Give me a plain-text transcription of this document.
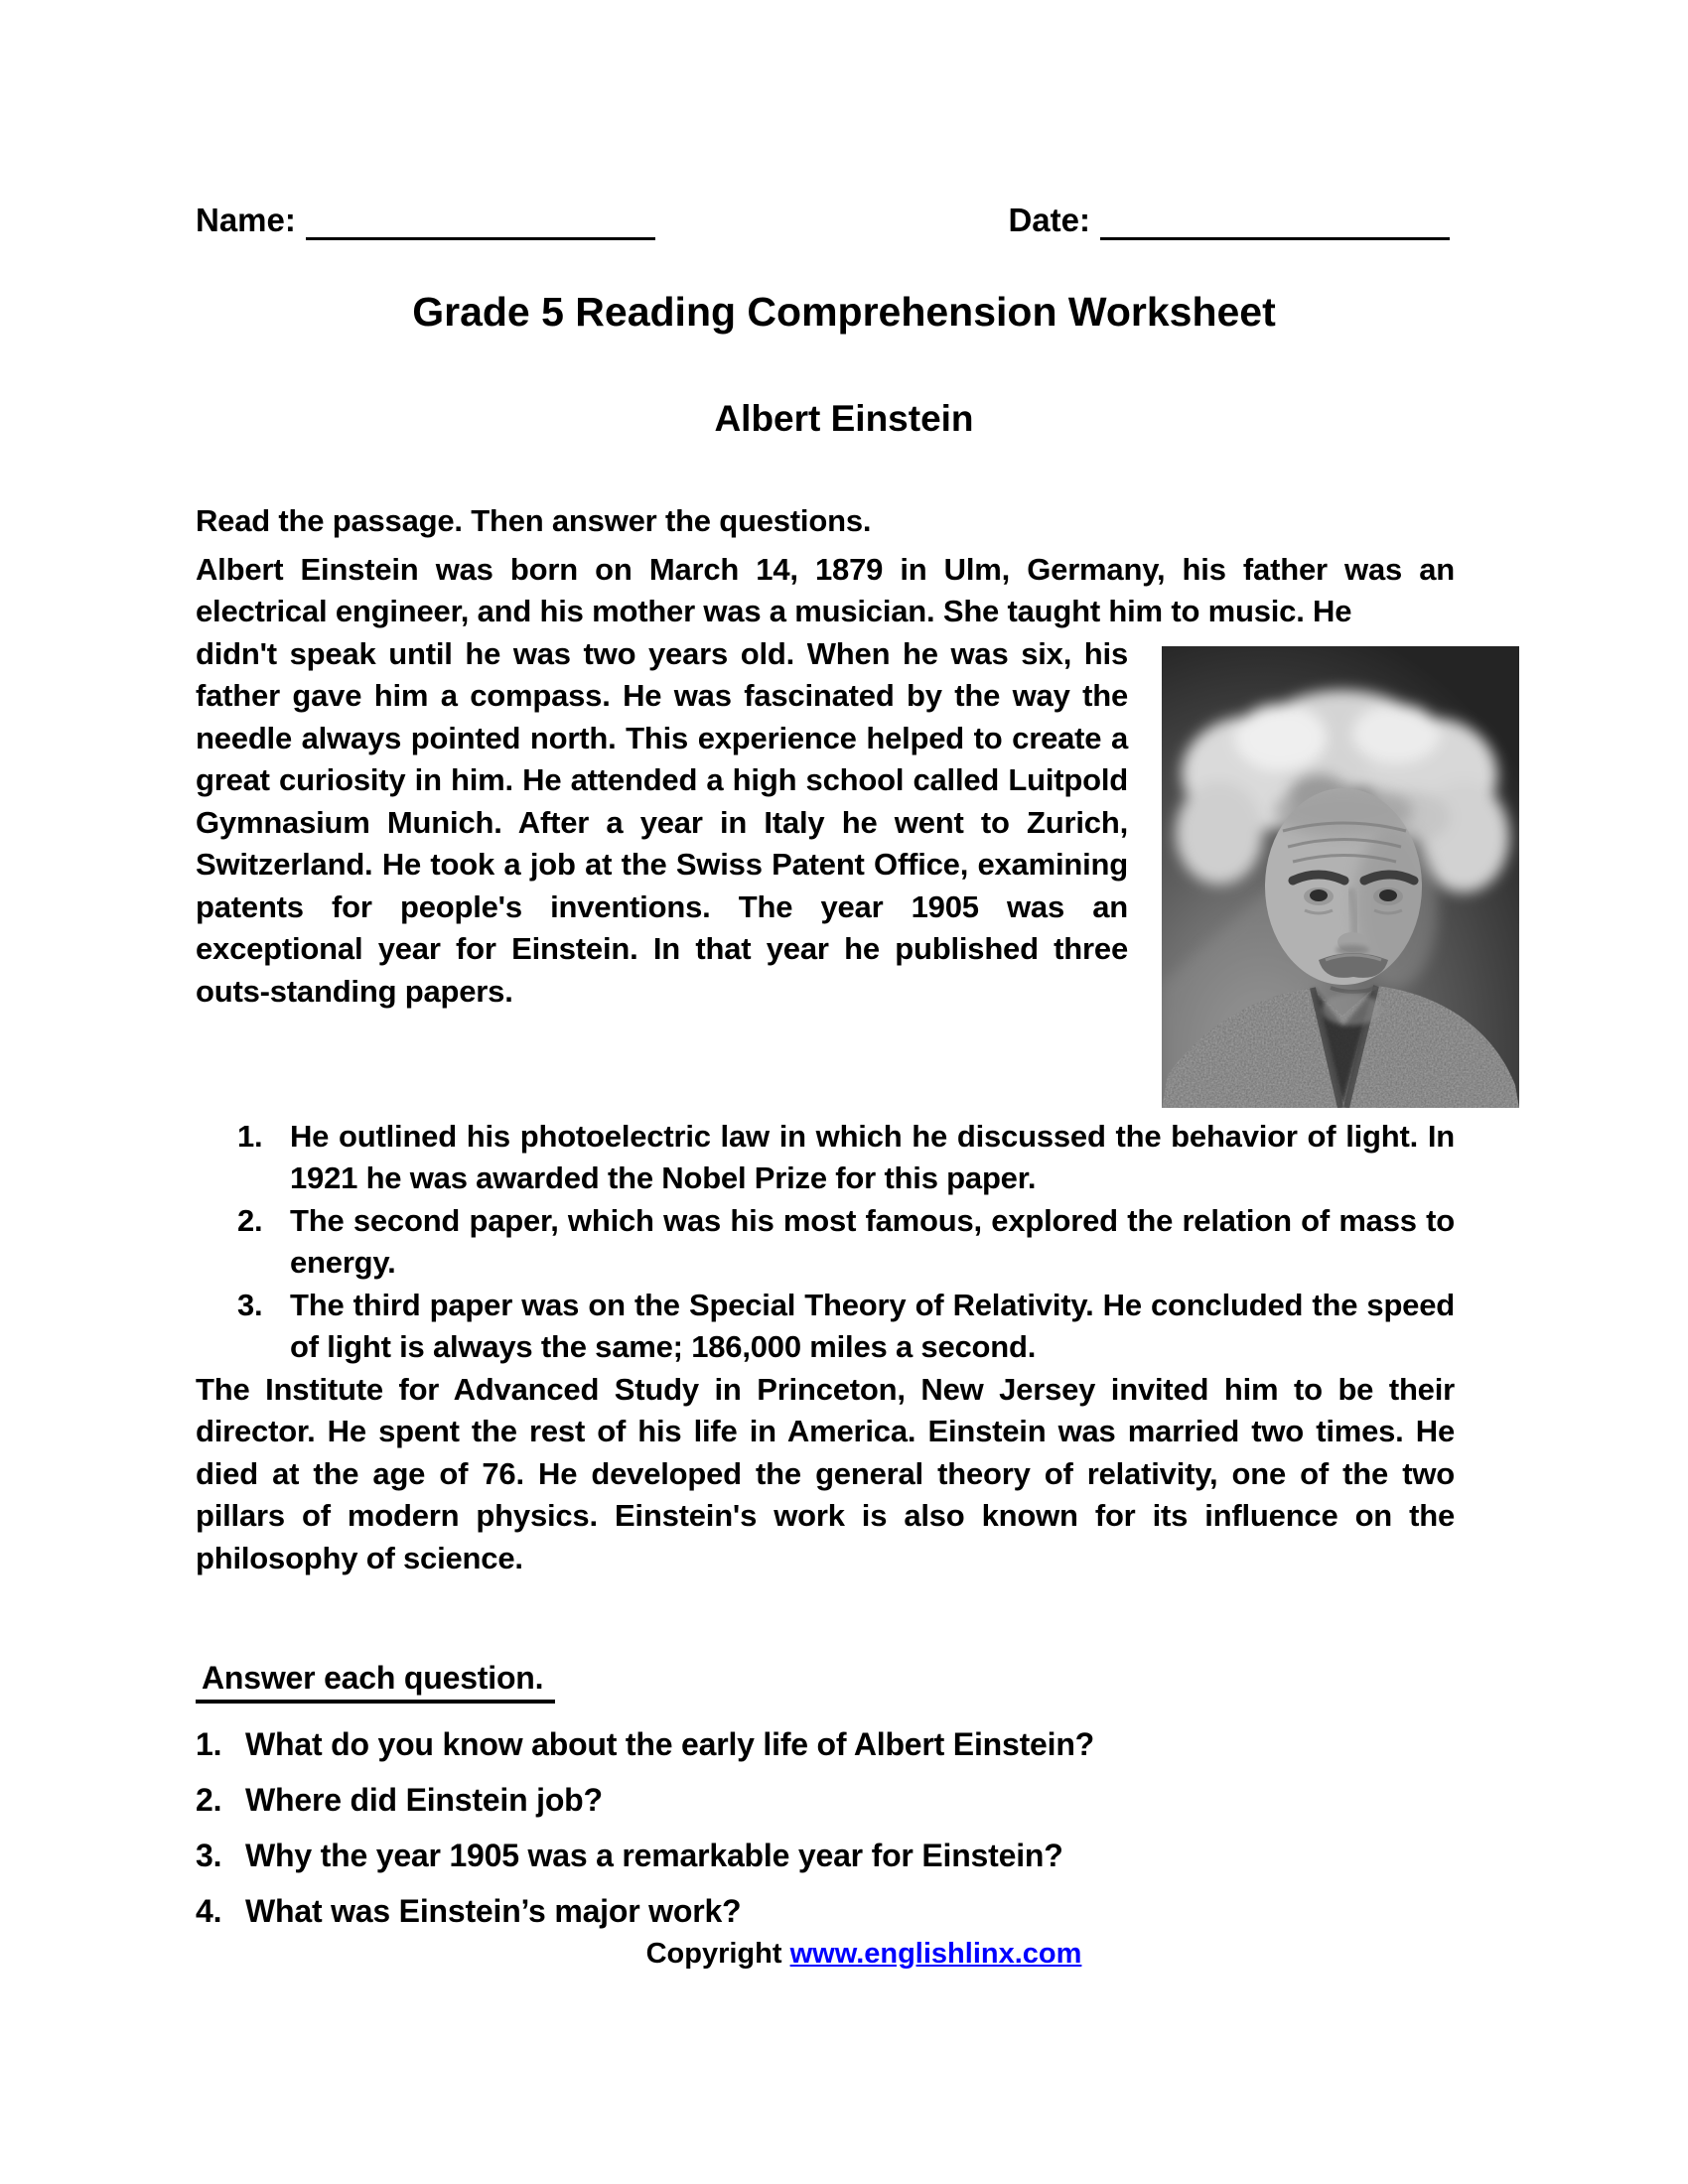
Name:	Date:
Grade 5 Reading Comprehension Worksheet
Albert Einstein

Read the passage. Then answer the questions.

Albert Einstein was born on March 14, 1879 in Ulm, Germany, his father was an electrical engineer, and his mother was a musician. She taught him to music. He

didn't speak until he was two years old. When he was six, his father gave him a compass. He was fascinated by the way the needle always pointed north. This experience helped to create a great curiosity in him. He attended a high school called Luitpold Gymnasium Munich. After a year in Italy he went to Zurich, Switzerland. He took a job at the Swiss Patent Office, examining patents for people's inventions. The year 1905 was an exceptional year for Einstein. In that year he published three outs-standing papers.
1. He outlined his photoelectric law in which he discussed the behavior of light. In 1921 he was awarded the Nobel Prize for this paper.
2. The second paper, which was his most famous, explored the relation of mass to energy.
3. The third paper was on the Special Theory of Relativity. He concluded the speed of light is always the same; 186,000 miles a second.

The Institute for Advanced Study in Princeton, New Jersey invited him to be their director. He spent the rest of his life in America. Einstein was married two times. He died at the age of 76. He developed the general theory of relativity, one of the two pillars of modern physics. Einstein's work is also known for its influence on the philosophy of science.

Answer each question.
1. What do you know about the early life of Albert Einstein?
2. Where did Einstein job?
3. Why the year 1905 was a remarkable year for Einstein?
4. What was Einstein’s major work?
Copyright www.englishlinx.com
